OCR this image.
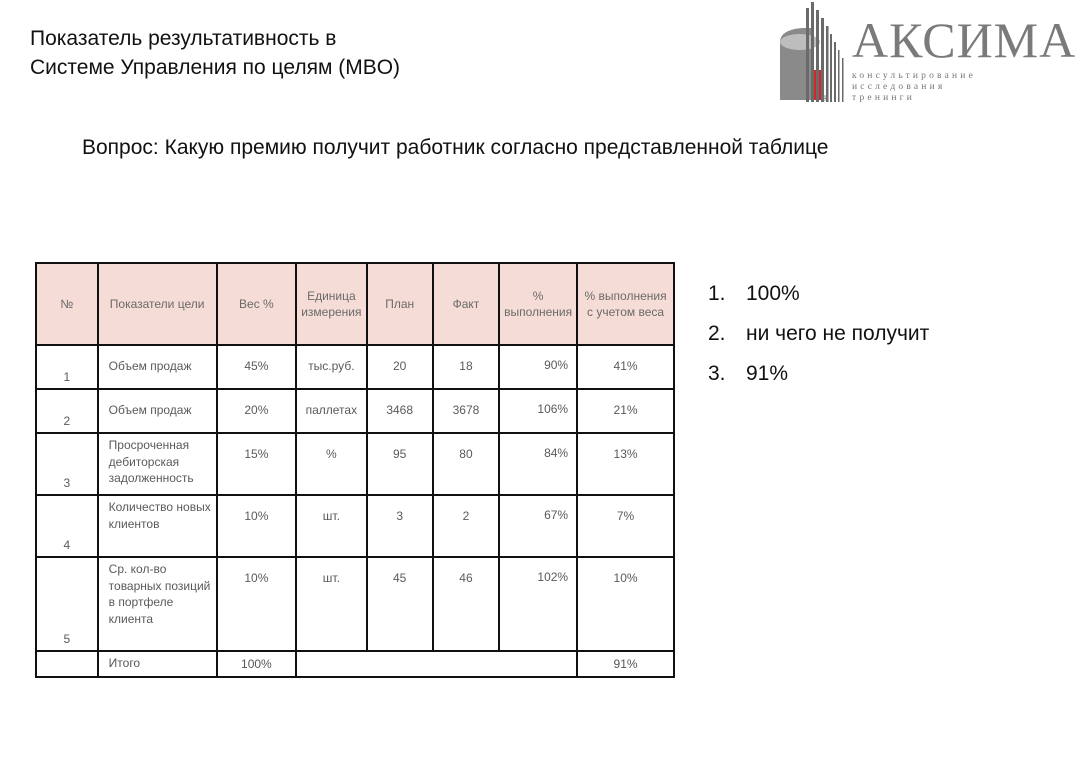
Показатель результативность в
Системе Управления по целям (MBO)	АКСИМА
консультирование
исследования
тренинги
®
Вопрос: Какую премию получит работник согласно представленной таблице
№	Показатели цели	Вес %	Единица измерения	План	Факт	% выполнения	% выполнения с учетом веса
1	Объем продаж	45%	тыс.руб.	20	18	90%	41%
2	Объем продаж	20%	паллетах	3468	3678	106%	21%
3	Просроченная дебиторская задолженность	15%	%	95	80	84%	13%
4	Количество новых клиентов	10%	шт.	3	2	67%	7%
5	Ср. кол-во товарных позиций в портфеле клиента	10%	шт.	45	46	102%	10%
	Итого	100%					91%
1. 100%
2. ни чего не получит
3. 91%
